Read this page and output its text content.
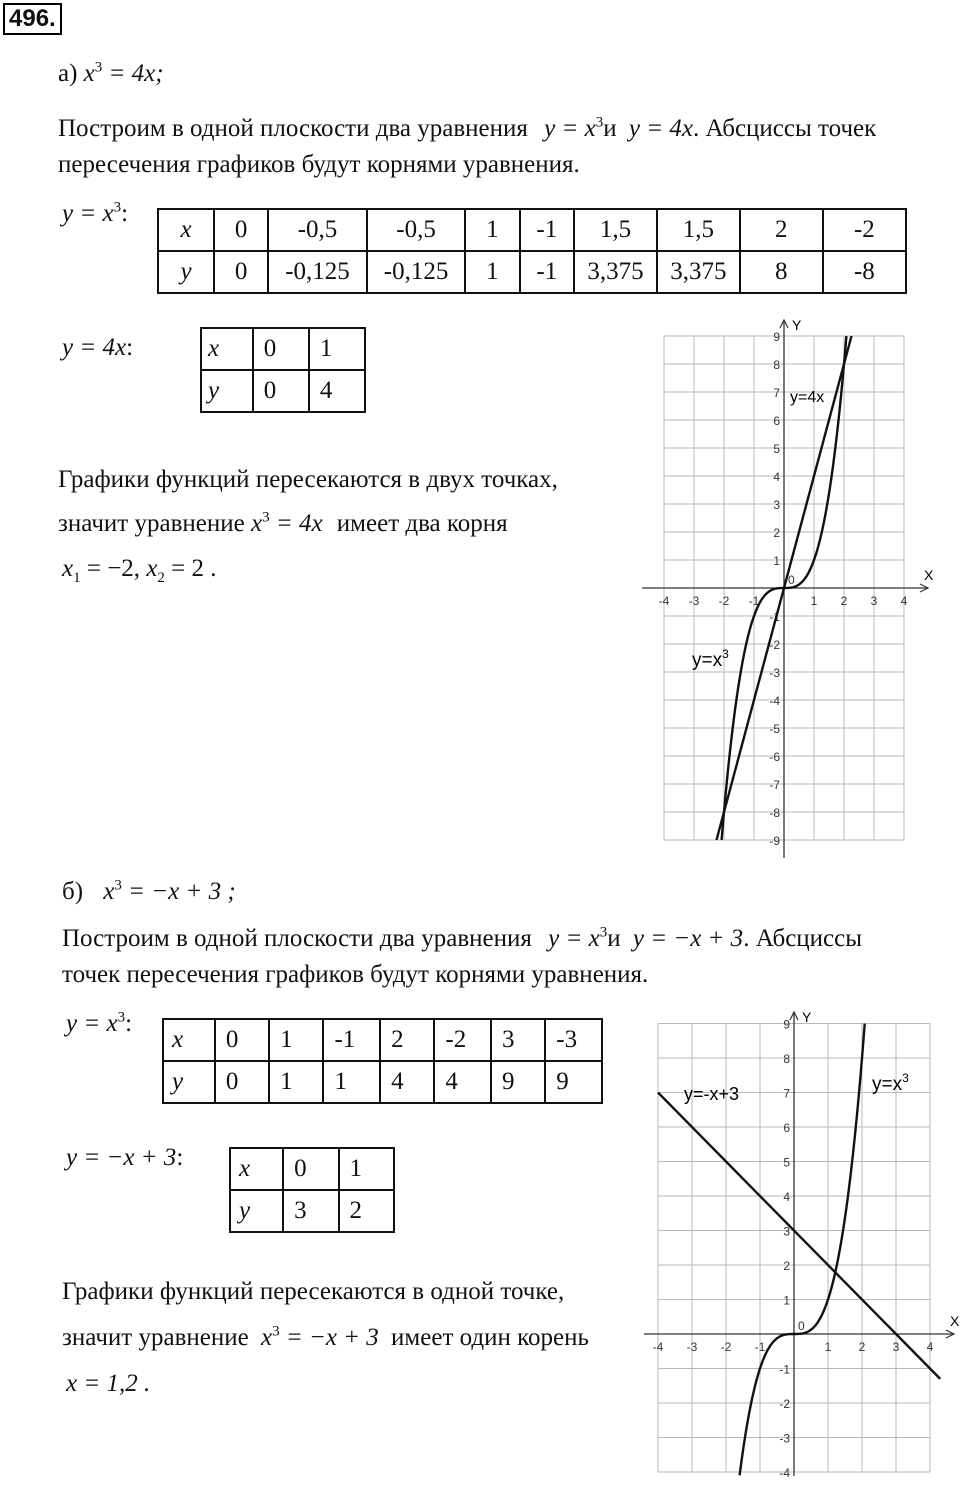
496.
а) $x^3 = 4x$;
Построим в одной плоскости два уравнения $y = x^3и$ y = 4x. Абсциссы точек
пересечения графиков будут корнями уравнения.
$y = x^3$:
x	0	-0,5	-0,5	1	-1	1,5	1,5	2	-2
y	0	-0,125	-0,125	1	-1	3,375	3,375	8	-8
y = 4x:	x	0	1
y	0	4
Графики функций пересекаются в двух точках,
значит уравнение $x^3 = 4x$ имеет два корня
$x_1 = -2$, $x_2 = 2$ .
-4 -3 -2 -1	1 2 3 4
9
8
7
6
5
4
3
2
1
-1
-2
-3
-4
-5
-6
-7
-8
-9
0	X
Y
$y=x^3$
y=4x
б) $x^3 = -x + 3$ ;
Построим в одной плоскости два уравнения $y = x^3и$ y = −x + 3. Абсциссы
точек пересечения графиков будут корнями уравнения.
$y = x^3$:
x	0	1	-1	2	-2	3	-3
y	0	1	1	4	4	9	9
y = −x + 3: x	0	1
y	3	2
Графики функций пересекаются в одной точке,
значит уравнение $x^3 = -x + 3$ имеет один корень
x = 1,2 .
-4 -3 -2 -1	1 2 3 4
9
8
7
6
5
4
3
2
1
-1
-2
-3
-4
0	X
Y
$y=x^3$
y=-x+3
